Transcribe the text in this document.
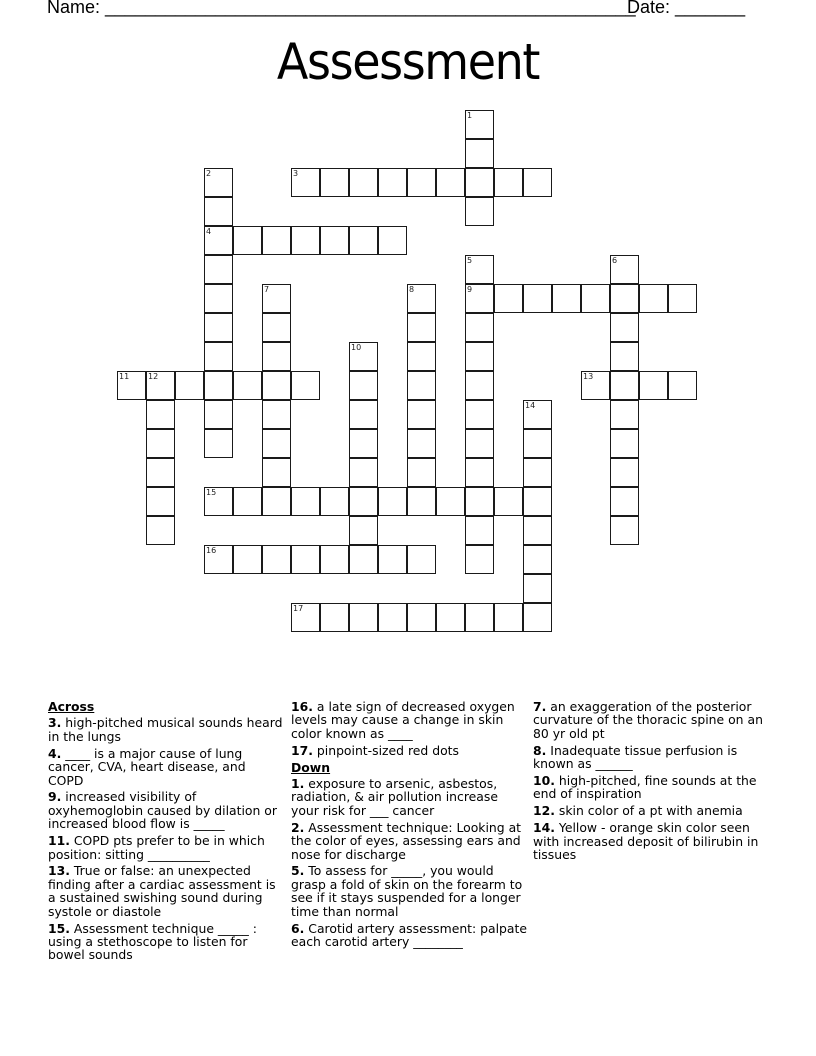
Name: _____________________________________________________
Date: _______
Assessment
1
2
4
3
5
9
6
7	8
10
11 12	13
14
15
16
17
Across
3. high-pitched musical sounds heard in the lungs
4. ____ is a major cause of lung cancer, CVA, heart disease, and COPD
9. increased visibility of oxyhemoglobin caused by dilation or increased blood flow is _____
11. COPD pts prefer to be in which position: sitting __________
13. True or false: an unexpected finding after a cardiac assessment is a sustained swishing sound during systole or diastole
15. Assessment technique _____ : using a stethoscope to listen for bowel sounds
16. a late sign of decreased oxygen levels may cause a change in skin color known as ____
17. pinpoint-sized red dots
Down
1. exposure to arsenic, asbestos, radiation, & air pollution increase your risk for ___ cancer
2. Assessment technique: Looking at the color of eyes, assessing ears and nose for discharge
5. To assess for _____, you would grasp a fold of skin on the forearm to see if it stays suspended for a longer time than normal
6. Carotid artery assessment: palpate each carotid artery ________
7. an exaggeration of the posterior curvature of the thoracic spine on an 80 yr old pt
8. Inadequate tissue perfusion is known as ______
10. high-pitched, fine sounds at the end of inspiration
12. skin color of a pt with anemia
14. Yellow - orange skin color seen with increased deposit of bilirubin in tissues
